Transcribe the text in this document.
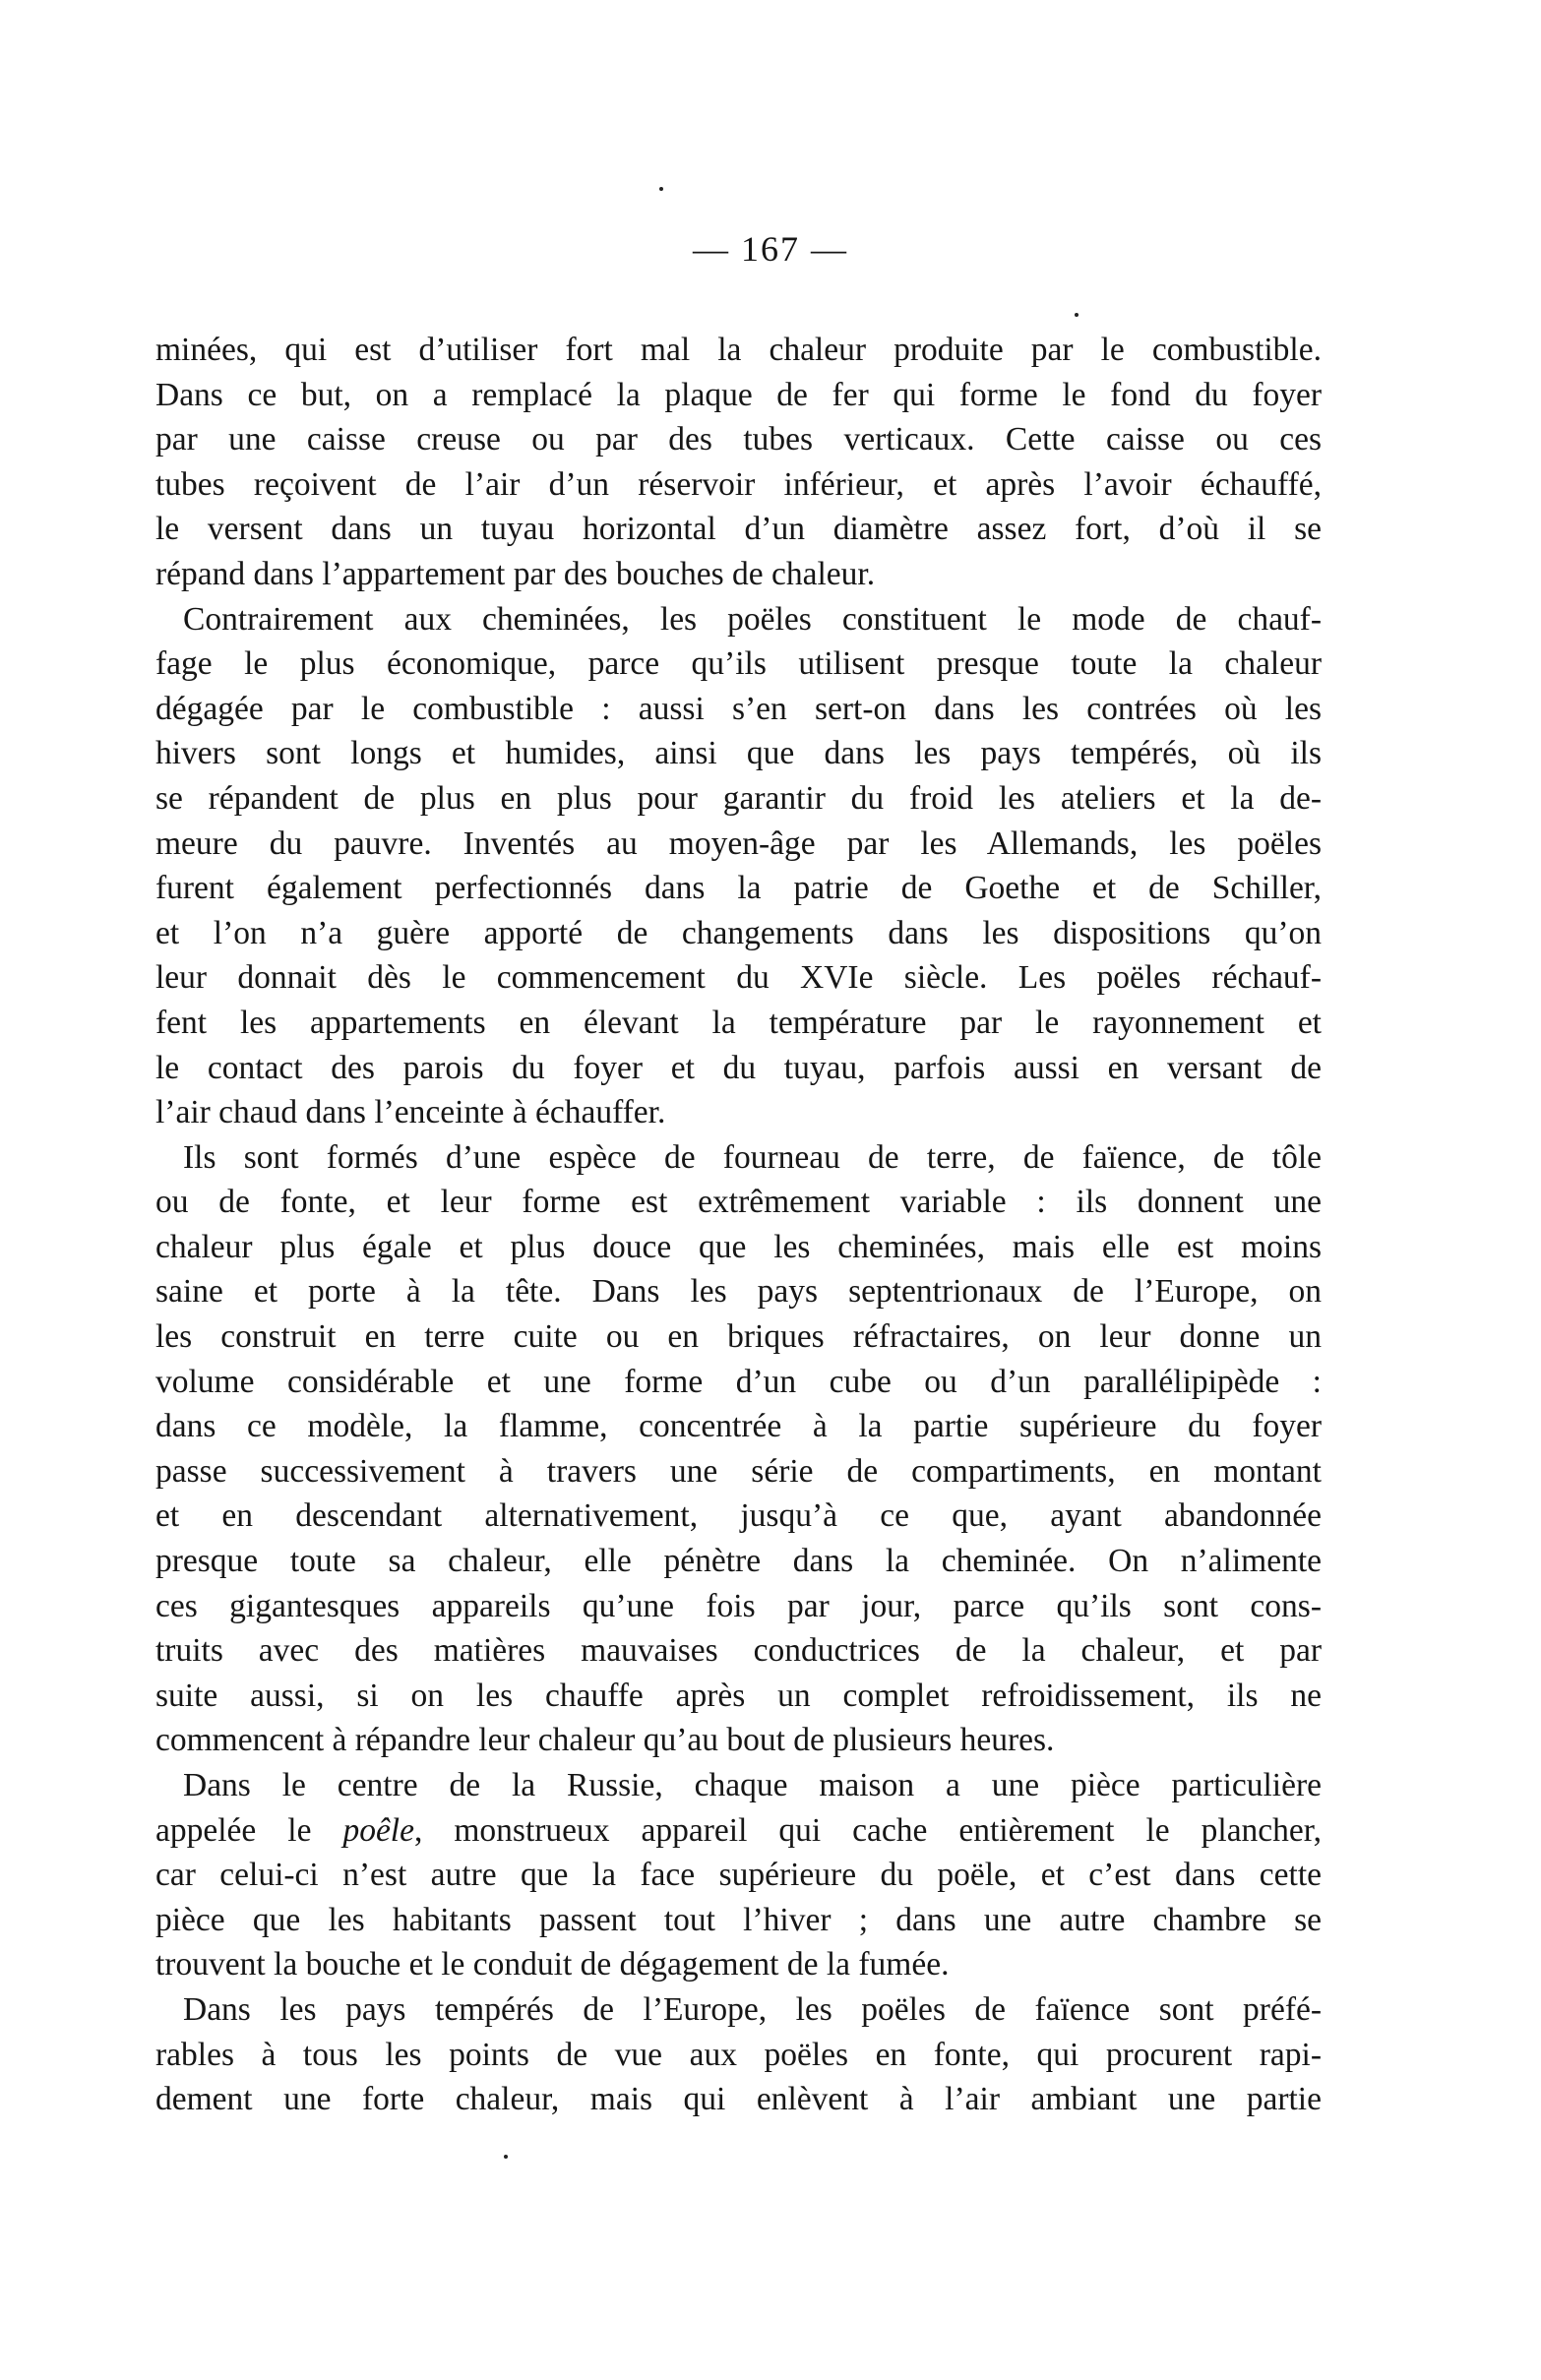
— 167 —
minées, qui est d’utiliser fort mal la chaleur produite par le combustible.
Dans ce but, on a remplacé la plaque de fer qui forme le fond du foyer
par une caisse creuse ou par des tubes verticaux. Cette caisse ou ces
tubes reçoivent de l’air d’un réservoir inférieur, et après l’avoir échauffé,
le versent dans un tuyau horizontal d’un diamètre assez fort, d’où il se
répand dans l’appartement par des bouches de chaleur.
Contrairement aux cheminées, les poëles constituent le mode de chauf-
fage le plus économique, parce qu’ils utilisent presque toute la chaleur
dégagée par le combustible : aussi s’en sert-on dans les contrées où les
hivers sont longs et humides, ainsi que dans les pays tempérés, où ils
se répandent de plus en plus pour garantir du froid les ateliers et la de-
meure du pauvre. Inventés au moyen-âge par les Allemands, les poëles
furent également perfectionnés dans la patrie de Goethe et de Schiller,
et l’on n’a guère apporté de changements dans les dispositions qu’on
leur donnait dès le commencement du XVIe siècle. Les poëles réchauf-
fent les appartements en élevant la température par le rayonnement et
le contact des parois du foyer et du tuyau, parfois aussi en versant de
l’air chaud dans l’enceinte à échauffer.
Ils sont formés d’une espèce de fourneau de terre, de faïence, de tôle
ou de fonte, et leur forme est extrêmement variable : ils donnent une
chaleur plus égale et plus douce que les cheminées, mais elle est moins
saine et porte à la tête. Dans les pays septentrionaux de l’Europe, on
les construit en terre cuite ou en briques réfractaires, on leur donne un
volume considérable et une forme d’un cube ou d’un parallélipipède :
dans ce modèle, la flamme, concentrée à la partie supérieure du foyer
passe successivement à travers une série de compartiments, en montant
et en descendant alternativement, jusqu’à ce que, ayant abandonnée
presque toute sa chaleur, elle pénètre dans la cheminée. On n’alimente
ces gigantesques appareils qu’une fois par jour, parce qu’ils sont cons-
truits avec des matières mauvaises conductrices de la chaleur, et par
suite aussi, si on les chauffe après un complet refroidissement, ils ne
commencent à répandre leur chaleur qu’au bout de plusieurs heures.
Dans le centre de la Russie, chaque maison a une pièce particulière
appelée le poêle, monstrueux appareil qui cache entièrement le plancher,
car celui-ci n’est autre que la face supérieure du poële, et c’est dans cette
pièce que les habitants passent tout l’hiver ; dans une autre chambre se
trouvent la bouche et le conduit de dégagement de la fumée.
Dans les pays tempérés de l’Europe, les poëles de faïence sont préfé-
rables à tous les points de vue aux poëles en fonte, qui procurent rapi-
dement une forte chaleur, mais qui enlèvent à l’air ambiant une partie
